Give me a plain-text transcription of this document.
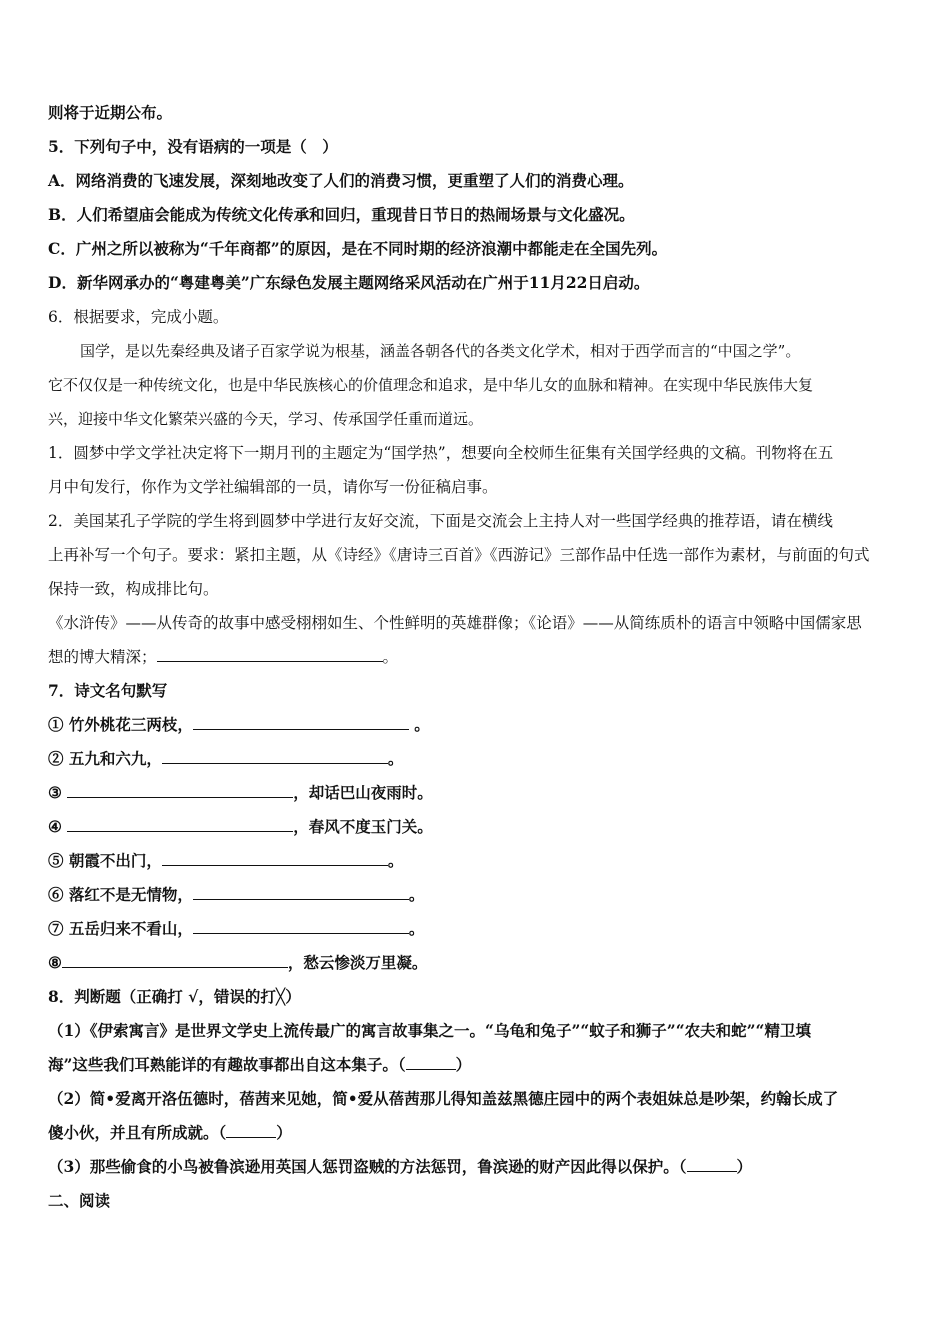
则将于近期公布。
5．下列句子中，没有语病的一项是（　）
A．网络消费的飞速发展，深刻地改变了人们的消费习惯，更重塑了人们的消费心理。
B．人们希望庙会能成为传统文化传承和回归，重现昔日节日的热闹场景与文化盛况。
C．广州之所以被称为“千年商都”的原因，是在不同时期的经济浪潮中都能走在全国先列。
D．新华网承办的“粤建粤美”广东绿色发展主题网络采风活动在广州于11月22日启动。
6．根据要求，完成小题。
国学，是以先秦经典及诸子百家学说为根基，涵盖各朝各代的各类文化学术，相对于西学而言的“中国之学”。
它不仅仅是一种传统文化，也是中华民族核心的价值理念和追求，是中华儿女的血脉和精神。在实现中华民族伟大复
兴，迎接中华文化繁荣兴盛的今天，学习、传承国学任重而道远。
1．圆梦中学文学社决定将下一期月刊的主题定为“国学热”，想要向全校师生征集有关国学经典的文稿。刊物将在五
月中旬发行，你作为文学社编辑部的一员，请你写一份征稿启事。
2．美国某孔子学院的学生将到圆梦中学进行友好交流，下面是交流会上主持人对一些国学经典的推荐语，请在横线
上再补写一个句子。要求：紧扣主题，从《诗经》《唐诗三百首》《西游记》三部作品中任选一部作为素材，与前面的句式
保持一致，构成排比句。
《水浒传》——从传奇的故事中感受栩栩如生、个性鲜明的英雄群像；《论语》——从简练质朴的语言中领略中国儒家思
想的博大精深；	。
7．诗文名句默写
① 竹外桃花三两枝，	。
② 五九和六九，	。
③	，却话巴山夜雨时。
④	，春风不度玉门关。
⑤ 朝霞不出门，	。
⑥ 落红不是无情物，	。
⑦ 五岳归来不看山，	。
⑧	，愁云惨淡万里凝。
8．判断题（正确打 √，错误的打╳）
（1）《伊索寓言》是世界文学史上流传最广的寓言故事集之一。“乌龟和兔子”“蚊子和狮子”“农夫和蛇”“精卫填
海”这些我们耳熟能详的有趣故事都出自这本集子。（	）
（2）简•爱离开洛伍德时，蓓茜来见她，简•爱从蓓茜那儿得知盖兹黑德庄园中的两个表姐妹总是吵架，约翰长成了
傻小伙，并且有所成就。（	）
（3）那些偷食的小鸟被鲁滨逊用英国人惩罚盗贼的方法惩罚，鲁滨逊的财产因此得以保护。（	）
二、阅读
